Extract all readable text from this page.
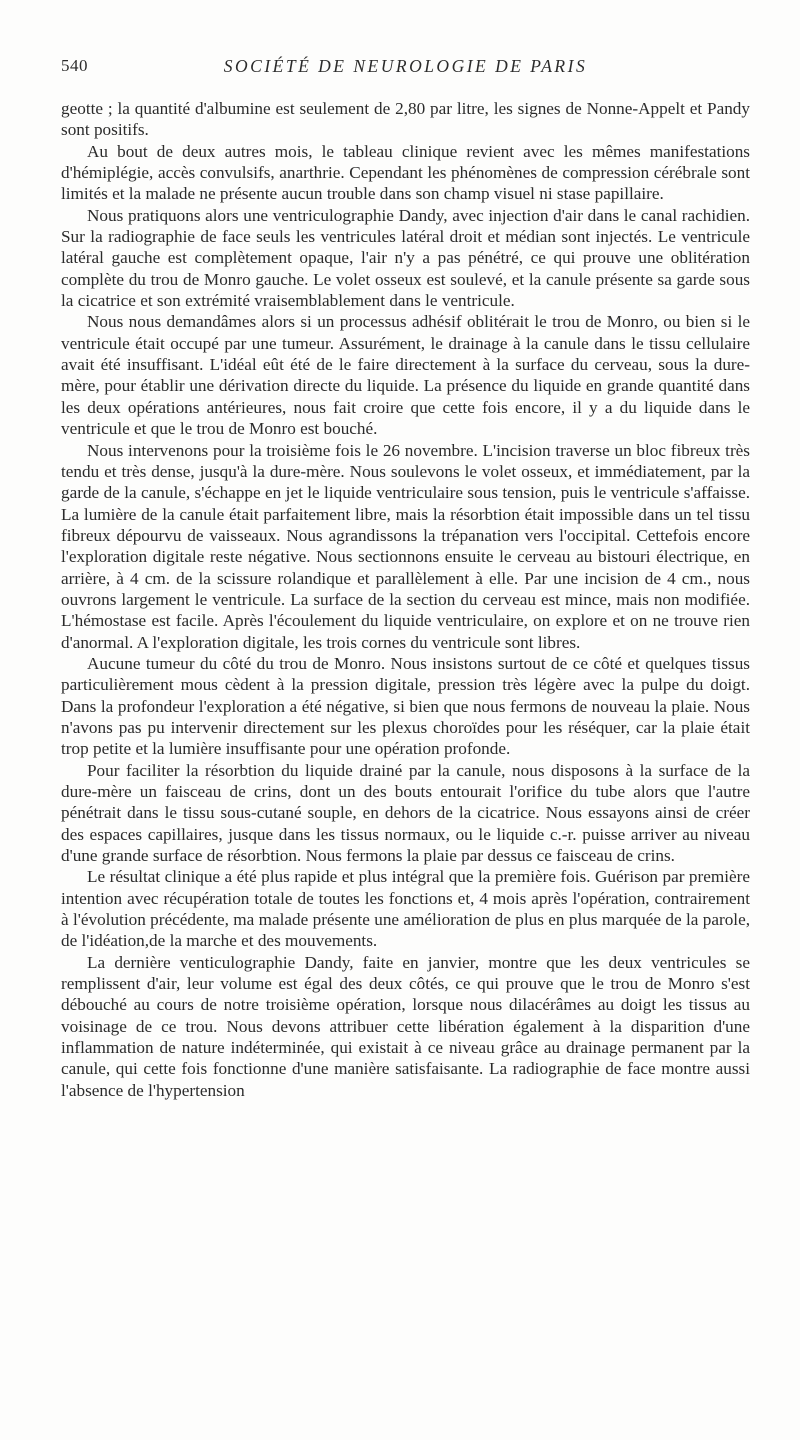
540	SOCIÉTÉ DE NEUROLOGIE DE PARIS

geotte ; la quantité d'albumine est seulement de 2,80 par litre, les signes de Nonne-Appelt et Pandy sont positifs.

Au bout de deux autres mois, le tableau clinique revient avec les mêmes manifestations d'hémiplégie, accès convulsifs, anarthrie. Cependant les phénomènes de compression cérébrale sont limités et la malade ne présente aucun trouble dans son champ visuel ni stase papillaire.

Nous pratiquons alors une ventriculographie Dandy, avec injection d'air dans le canal rachidien. Sur la radiographie de face seuls les ventricules latéral droit et médian sont injectés. Le ventricule latéral gauche est complètement opaque, l'air n'y a pas pénétré, ce qui prouve une oblitération complète du trou de Monro gauche. Le volet osseux est soulevé, et la canule présente sa garde sous la cicatrice et son extrémité vraisemblablement dans le ventricule.

Nous nous demandâmes alors si un processus adhésif oblitérait le trou de Monro, ou bien si le ventricule était occupé par une tumeur. Assurément, le drainage à la canule dans le tissu cellulaire avait été insuffisant. L'idéal eût été de le faire directement à la surface du cerveau, sous la dure-mère, pour établir une dérivation directe du liquide. La présence du liquide en grande quantité dans les deux opérations antérieures, nous fait croire que cette fois encore, il y a du liquide dans le ventricule et que le trou de Monro est bouché.

Nous intervenons pour la troisième fois le 26 novembre. L'incision traverse un bloc fibreux très tendu et très dense, jusqu'à la dure-mère. Nous soulevons le volet osseux, et immédiatement, par la garde de la canule, s'échappe en jet le liquide ventriculaire sous tension, puis le ventricule s'affaisse. La lumière de la canule était parfaitement libre, mais la résorbtion était impossible dans un tel tissu fibreux dépourvu de vaisseaux. Nous agrandissons la trépanation vers l'occipital. Cettefois encore l'exploration digitale reste négative. Nous sectionnons ensuite le cerveau au bistouri électrique, en arrière, à 4 cm. de la scissure rolandique et parallèlement à elle. Par une incision de 4 cm., nous ouvrons largement le ventricule. La surface de la section du cerveau est mince, mais non modifiée. L'hémostase est facile. Après l'écoulement du liquide ventriculaire, on explore et on ne trouve rien d'anormal. A l'exploration digitale, les trois cornes du ventricule sont libres.

Aucune tumeur du côté du trou de Monro. Nous insistons surtout de ce côté et quelques tissus particulièrement mous cèdent à la pression digitale, pression très légère avec la pulpe du doigt. Dans la profondeur l'exploration a été négative, si bien que nous fermons de nouveau la plaie. Nous n'avons pas pu intervenir directement sur les plexus choroïdes pour les réséquer, car la plaie était trop petite et la lumière insuffisante pour une opération profonde.

Pour faciliter la résorbtion du liquide drainé par la canule, nous disposons à la surface de la dure-mère un faisceau de crins, dont un des bouts entourait l'orifice du tube alors que l'autre pénétrait dans le tissu sous-cutané souple, en dehors de la cicatrice. Nous essayons ainsi de créer des espaces capillaires, jusque dans les tissus normaux, ou le liquide c.-r. puisse arriver au niveau d'une grande surface de résorbtion. Nous fermons la plaie par dessus ce faisceau de crins.

Le résultat clinique a été plus rapide et plus intégral que la première fois. Guérison par première intention avec récupération totale de toutes les fonctions et, 4 mois après l'opération, contrairement à l'évolution précédente, ma malade présente une amélioration de plus en plus marquée de la parole, de l'idéation,de la marche et des mouvements.

La dernière venticulographie Dandy, faite en janvier, montre que les deux ventricules se remplissent d'air, leur volume est égal des deux côtés, ce qui prouve que le trou de Monro s'est débouché au cours de notre troisième opération, lorsque nous dilacérâmes au doigt les tissus au voisinage de ce trou. Nous devons attribuer cette libération également à la disparition d'une inflammation de nature indéterminée, qui existait à ce niveau grâce au drainage permanent par la canule, qui cette fois fonctionne d'une manière satisfaisante. La radiographie de face montre aussi l'absence de l'hypertension
